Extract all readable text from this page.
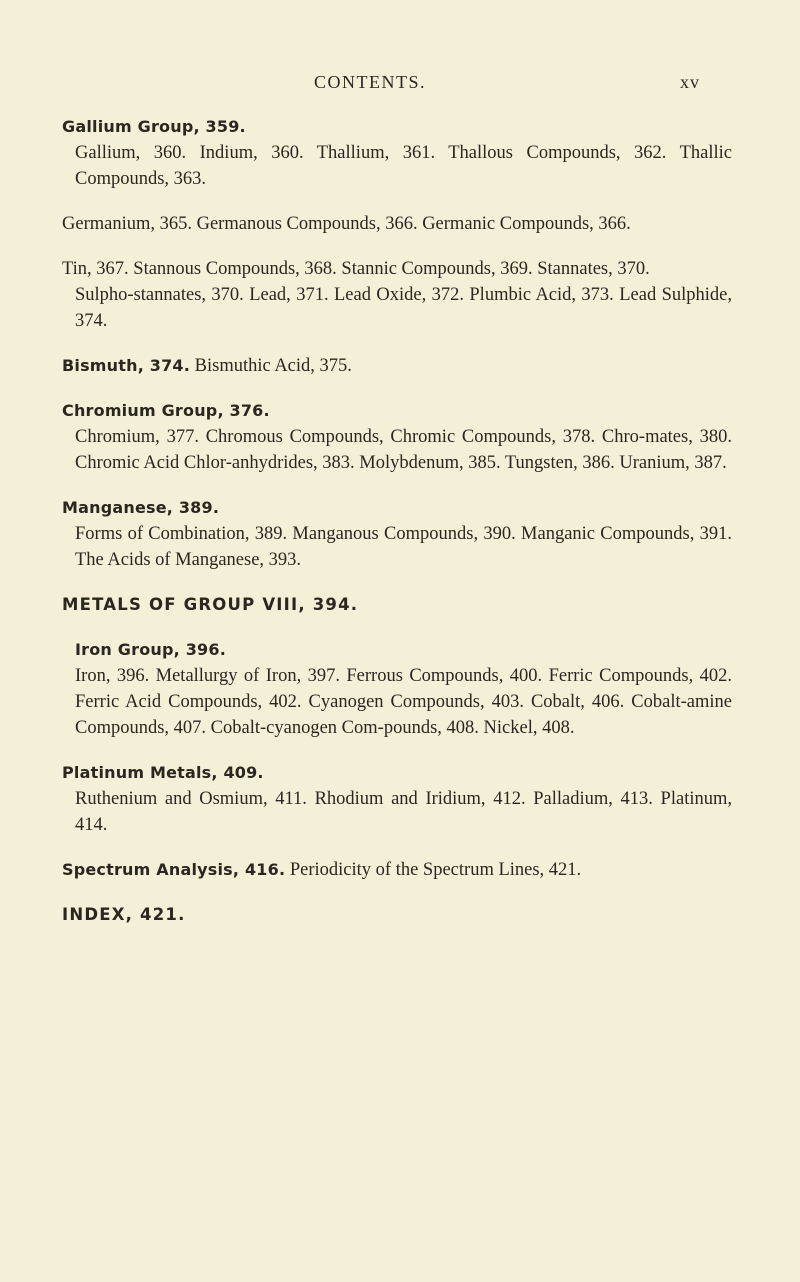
CONTENTS.	xv
Gallium Group, 359.
Gallium, 360. Indium, 360. Thallium, 361. Thallous Compounds, 362. Thallic Compounds, 363.
Germanium, 365. Germanous Compounds, 366. Germanic Compounds, 366.
Tin, 367. Stannous Compounds, 368. Stannic Compounds, 369. Stannates, 370.
Sulpho-stannates, 370. Lead, 371. Lead Oxide, 372. Plumbic Acid, 373. Lead Sulphide, 374.
Bismuth, 374. Bismuthic Acid, 375.
Chromium Group, 376.
Chromium, 377. Chromous Compounds, Chromic Compounds, 378. Chro-mates, 380. Chromic Acid Chlor-anhydrides, 383. Molybdenum, 385. Tungsten, 386. Uranium, 387.
Manganese, 389.
Forms of Combination, 389. Manganous Compounds, 390. Manganic Compounds, 391. The Acids of Manganese, 393.
METALS OF GROUP VIII, 394.
Iron Group, 396.
Iron, 396. Metallurgy of Iron, 397. Ferrous Compounds, 400. Ferric Compounds, 402. Ferric Acid Compounds, 402. Cyanogen Compounds, 403. Cobalt, 406. Cobalt-amine Compounds, 407. Cobalt-cyanogen Com-pounds, 408. Nickel, 408.
Platinum Metals, 409.
Ruthenium and Osmium, 411. Rhodium and Iridium, 412. Palladium, 413. Platinum, 414.
Spectrum Analysis, 416. Periodicity of the Spectrum Lines, 421.
INDEX, 421.
